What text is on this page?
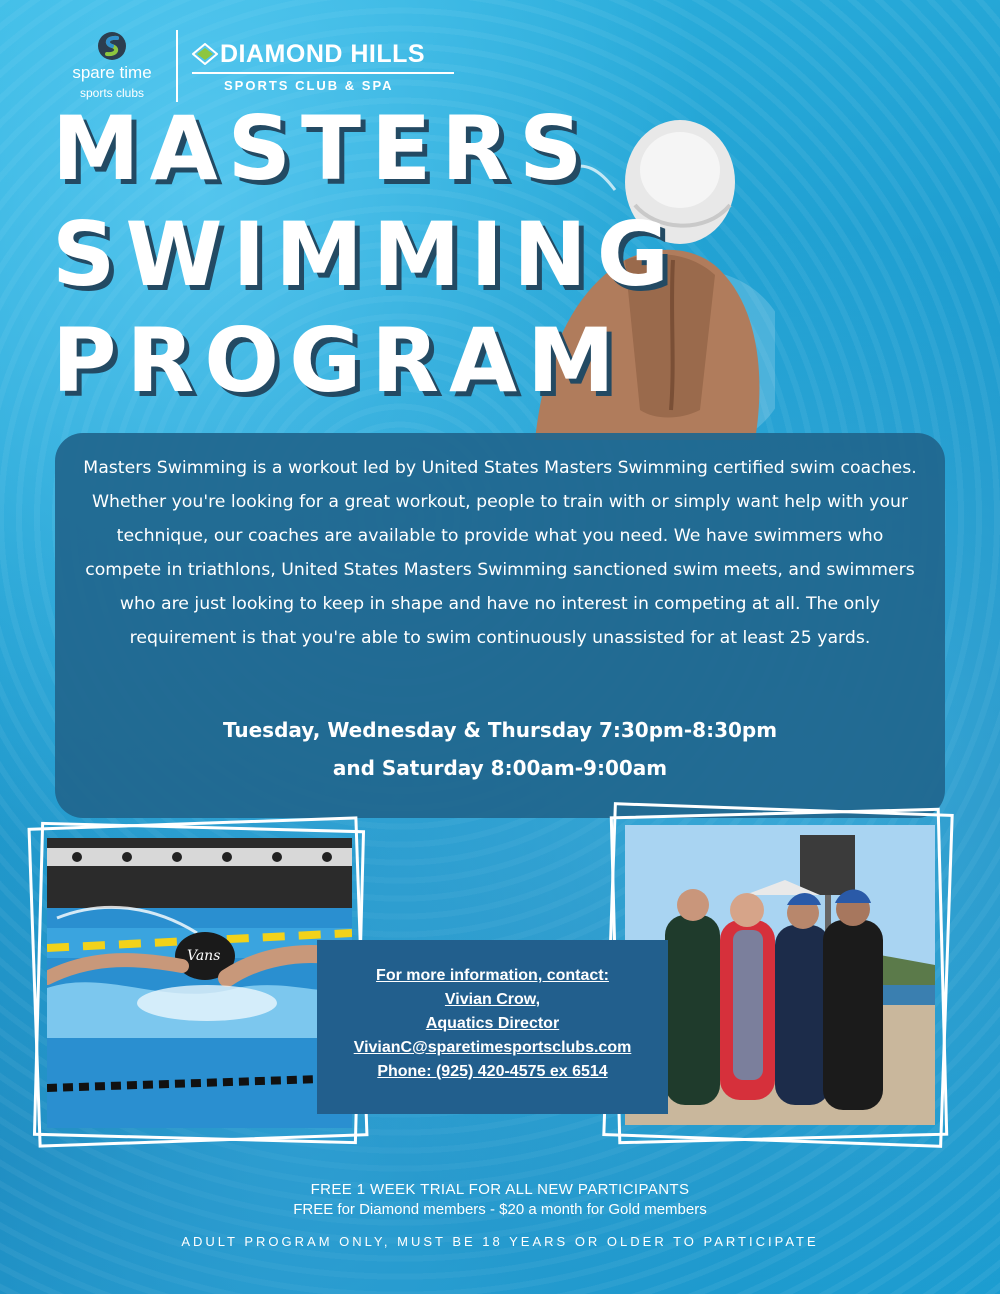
spare time
sports clubs
DIAMOND HILLS
SPORTS CLUB & SPA
MASTERS
SWIMMING
PROGRAM

Masters Swimming is a workout led by United States Masters Swimming certified swim coaches. Whether you're looking for a great workout, people to train with or simply want help with your technique, our coaches are available to provide what you need. We have swimmers who compete in triathlons, United States Masters Swimming sanctioned swim meets, and swimmers who are just looking to keep in shape and have no interest in competing at all. The only requirement is that you're able to swim continuously unassisted for at least 25 yards.

Tuesday, Wednesday & Thursday 7:30pm-8:30pm
and Saturday 8:00am-9:00am
Vans
For more information, contact:
Vivian Crow,
Aquatics Director
VivianC@sparetimesportsclubs.com
Phone: (925) 420-4575 ex 6514
FREE 1 WEEK TRIAL FOR ALL NEW PARTICIPANTS
FREE for Diamond members - $20 a month for Gold members
ADULT PROGRAM ONLY, MUST BE 18 YEARS OR OLDER TO PARTICIPATE
